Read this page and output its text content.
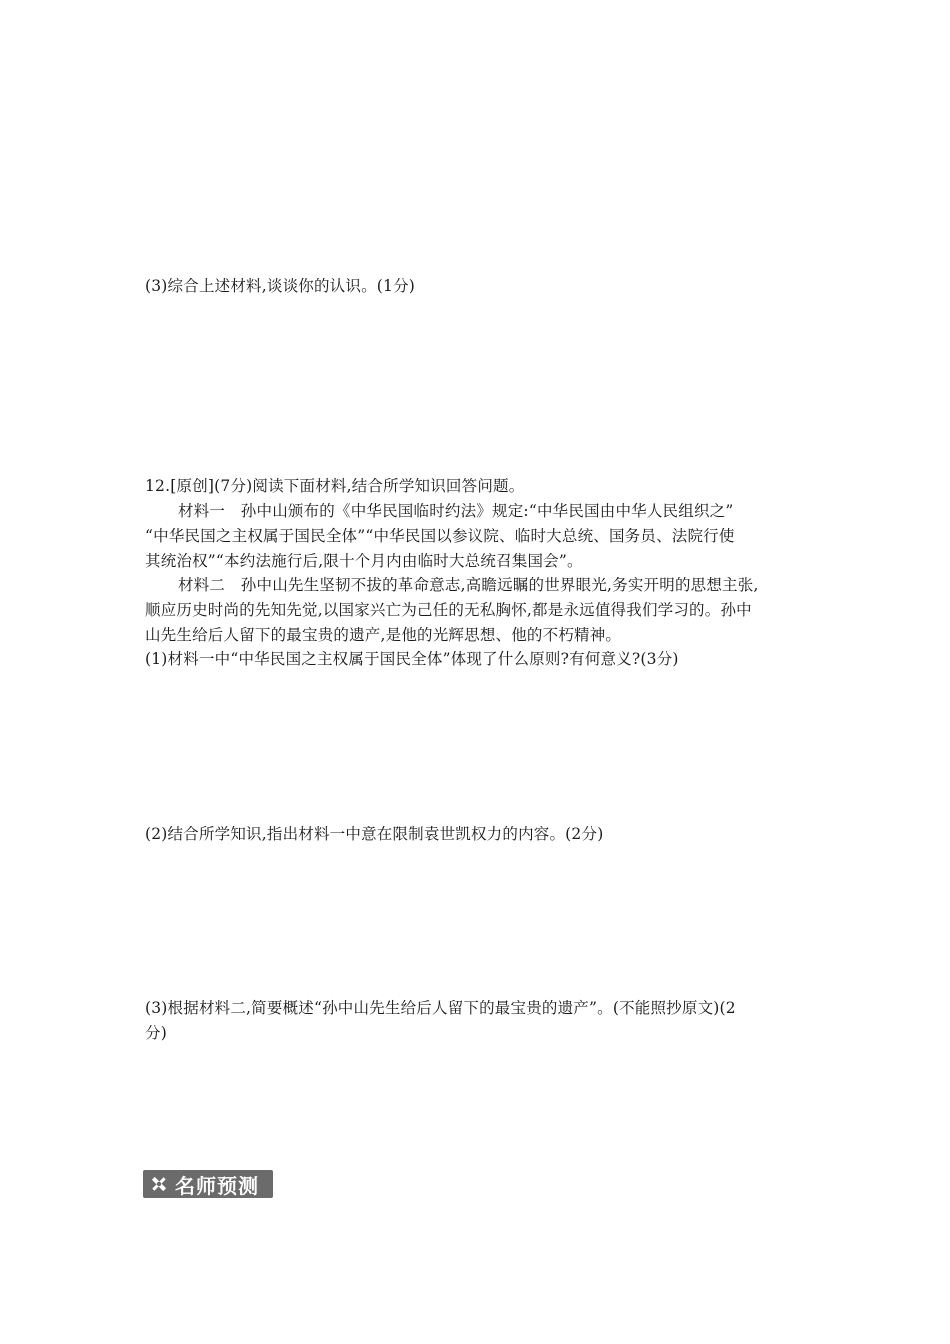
(3)综合上述材料,谈谈你的认识。(1分)
12.[原创](7分)阅读下面材料,结合所学知识回答问题。
材料一　孙中山颁布的《中华民国临时约法》规定:“中华民国由中华人民组织之”
“中华民国之主权属于国民全体”“中华民国以参议院、临时大总统、国务员、法院行使
其统治权”“本约法施行后,限十个月内由临时大总统召集国会”。
材料二　孙中山先生坚韧不拔的革命意志,高瞻远瞩的世界眼光,务实开明的思想主张,
顺应历史时尚的先知先觉,以国家兴亡为己任的无私胸怀,都是永远值得我们学习的。孙中
山先生给后人留下的最宝贵的遗产,是他的光辉思想、他的不朽精神。
(1)材料一中“中华民国之主权属于国民全体”体现了什么原则?有何意义?(3分)
(2)结合所学知识,指出材料一中意在限制袁世凯权力的内容。(2分)
(3)根据材料二,简要概述“孙中山先生给后人留下的最宝贵的遗产”。(不能照抄原文)(2
分)
名师预测
